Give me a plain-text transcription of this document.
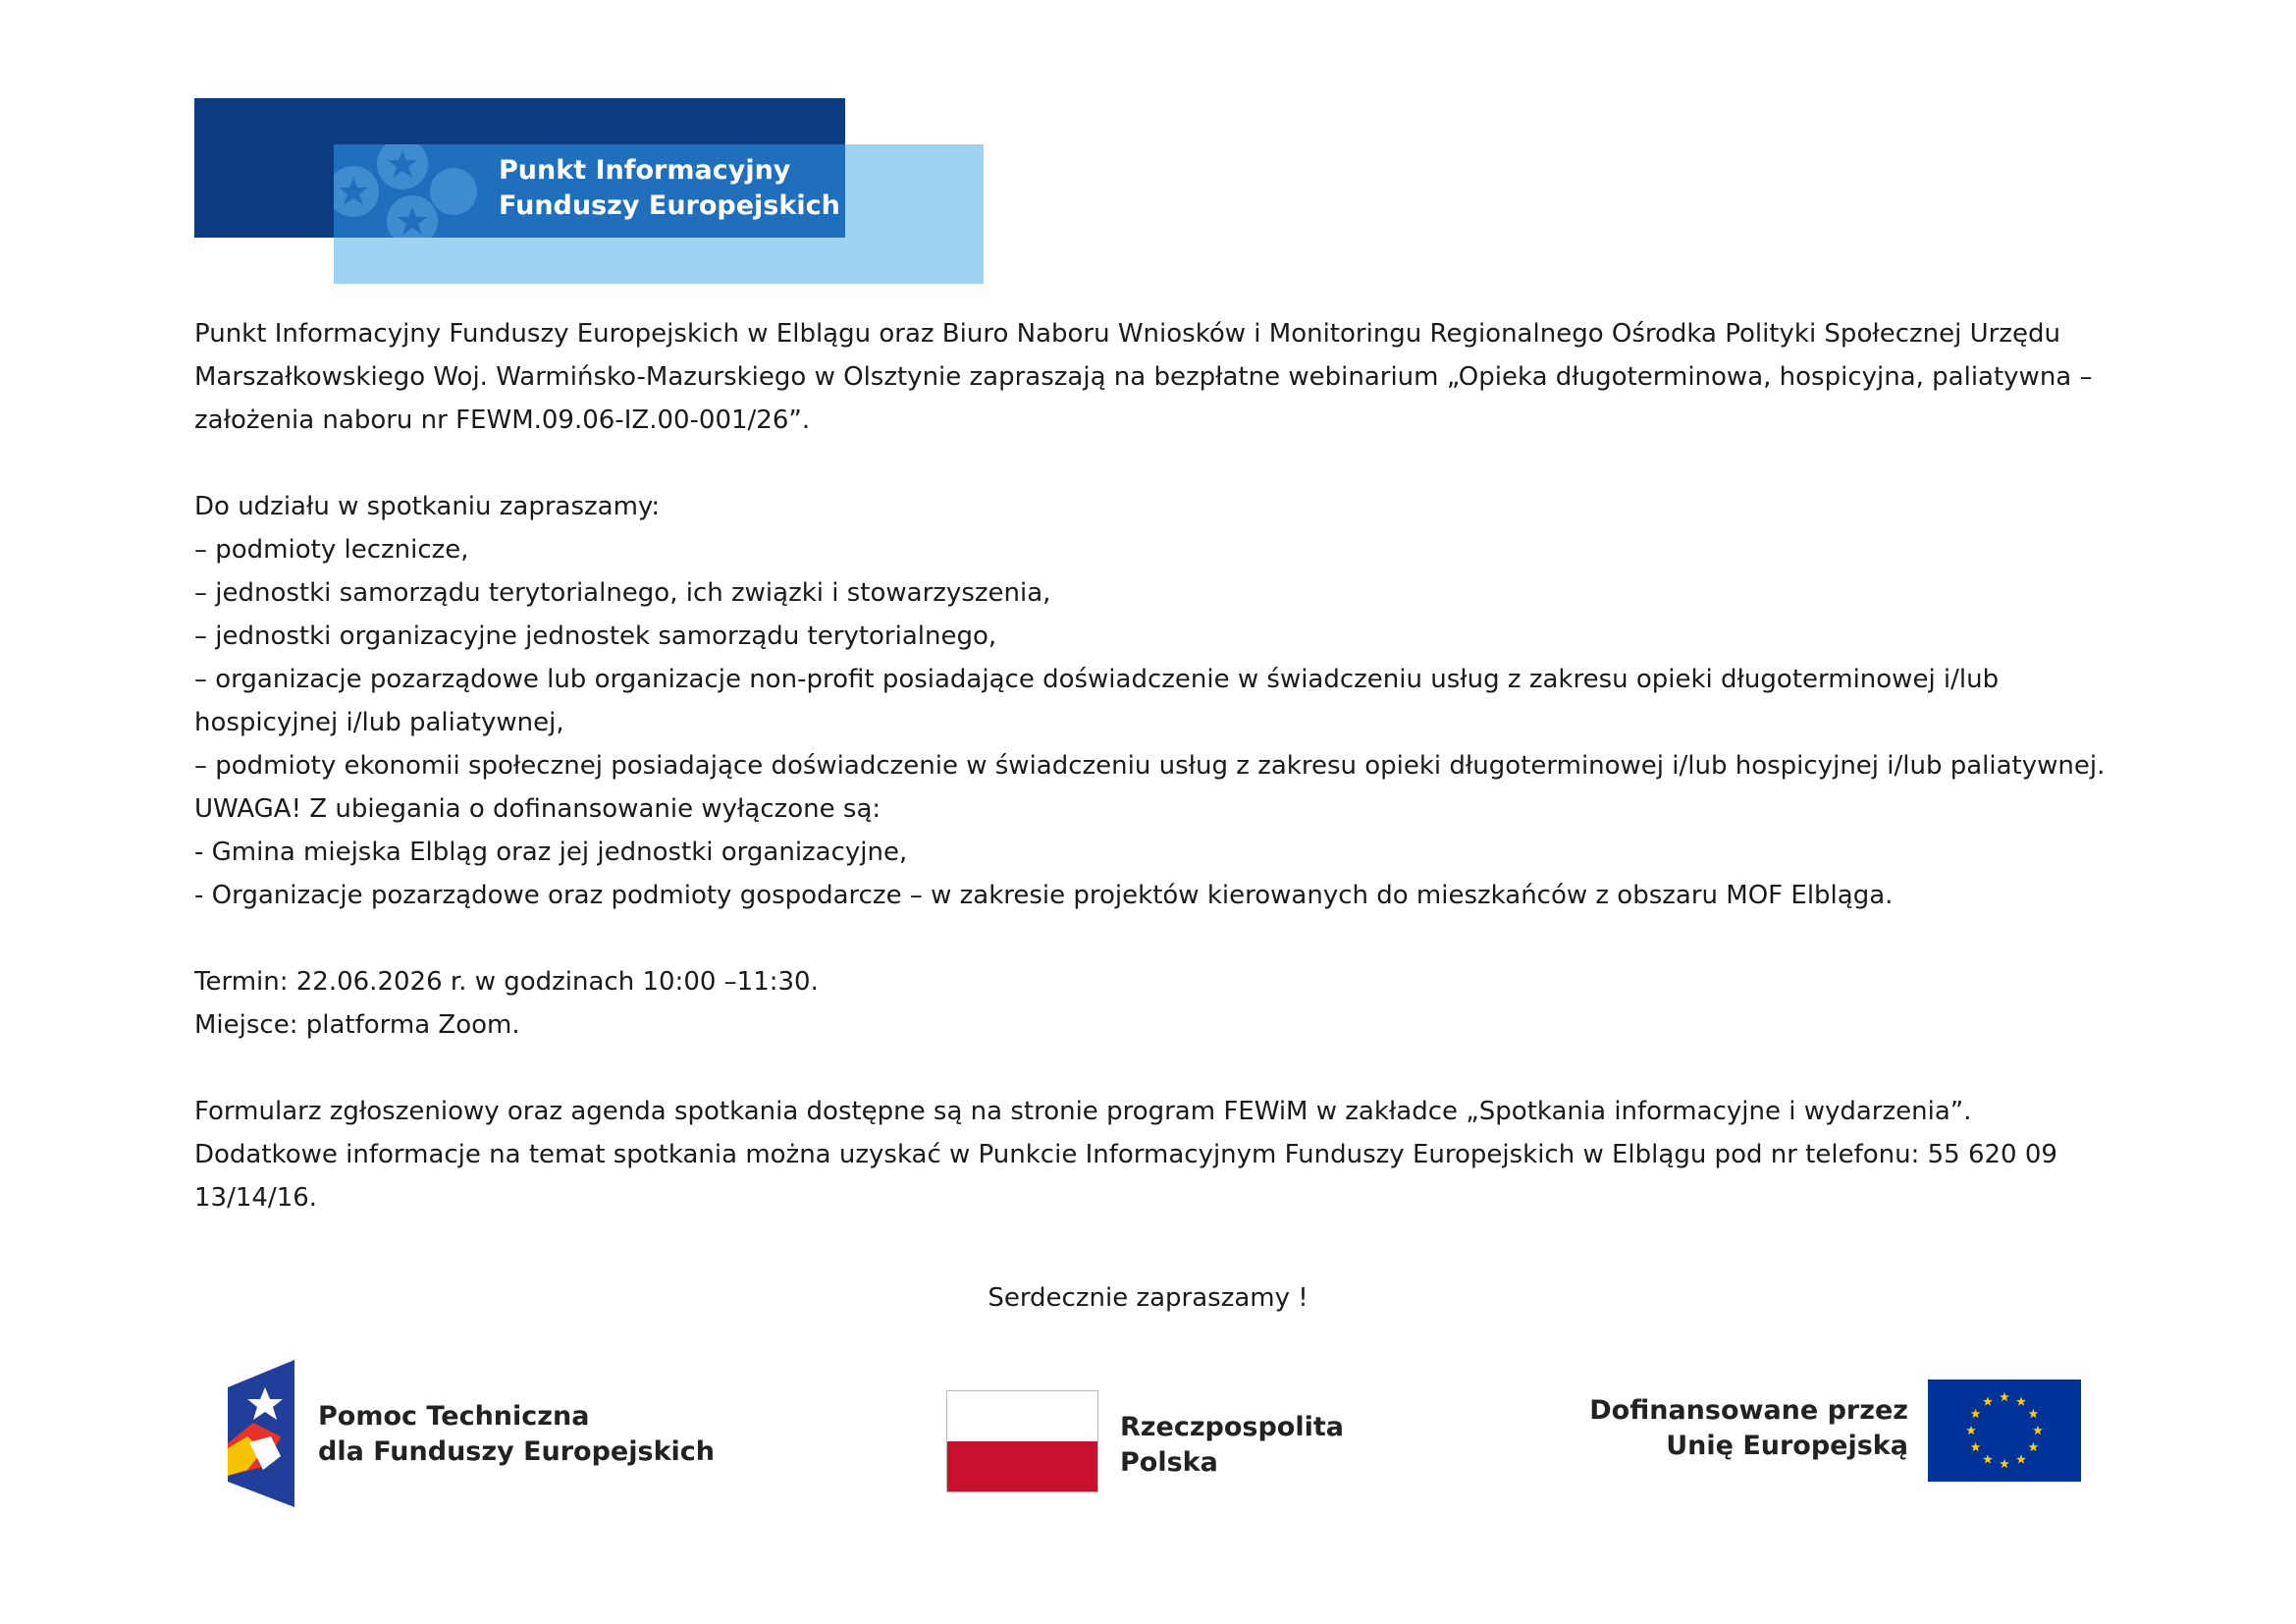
Punkt Informacyjny
Funduszy Europejskich

Punkt Informacyjny Funduszy Europejskich w Elblągu oraz Biuro Naboru Wniosków i Monitoringu Regionalnego Ośrodka Polityki Społecznej Urzędu Marszałkowskiego Woj. Warmińsko-Mazurskiego w Olsztynie zapraszają na bezpłatne webinarium „Opieka długoterminowa, hospicyjna, paliatywna – założenia naboru nr FEWM.09.06-IZ.00-001/26”.

Do udziału w spotkaniu zapraszamy:

– podmioty lecznicze,

– jednostki samorządu terytorialnego, ich związki i stowarzyszenia,

– jednostki organizacyjne jednostek samorządu terytorialnego,

– organizacje pozarządowe lub organizacje non-profit posiadające doświadczenie w świadczeniu usług z zakresu opieki długoterminowej i/lub hospicyjnej i/lub paliatywnej,

– podmioty ekonomii społecznej posiadające doświadczenie w świadczeniu usług z zakresu opieki długoterminowej i/lub hospicyjnej i/lub paliatywnej.

UWAGA! Z ubiegania o dofinansowanie wyłączone są:

- Gmina miejska Elbląg oraz jej jednostki organizacyjne,

- Organizacje pozarządowe oraz podmioty gospodarcze – w zakresie projektów kierowanych do mieszkańców z obszaru MOF Elbląga.

Termin: 22.06.2026 r. w godzinach 10:00 –11:30.

Miejsce: platforma Zoom.

Formularz zgłoszeniowy oraz agenda spotkania dostępne są na stronie program FEWiM w zakładce „Spotkania informacyjne i wydarzenia”.

Dodatkowe informacje na temat spotkania można uzyskać w Punkcie Informacyjnym Funduszy Europejskich w Elblągu pod nr telefonu: 55 620 09 13/14/16.

Serdecznie zapraszamy !
Pomoc Techniczna
dla Funduszy Europejskich
Rzeczpospolita
Polska
Dofinansowane przez
Unię Europejską
